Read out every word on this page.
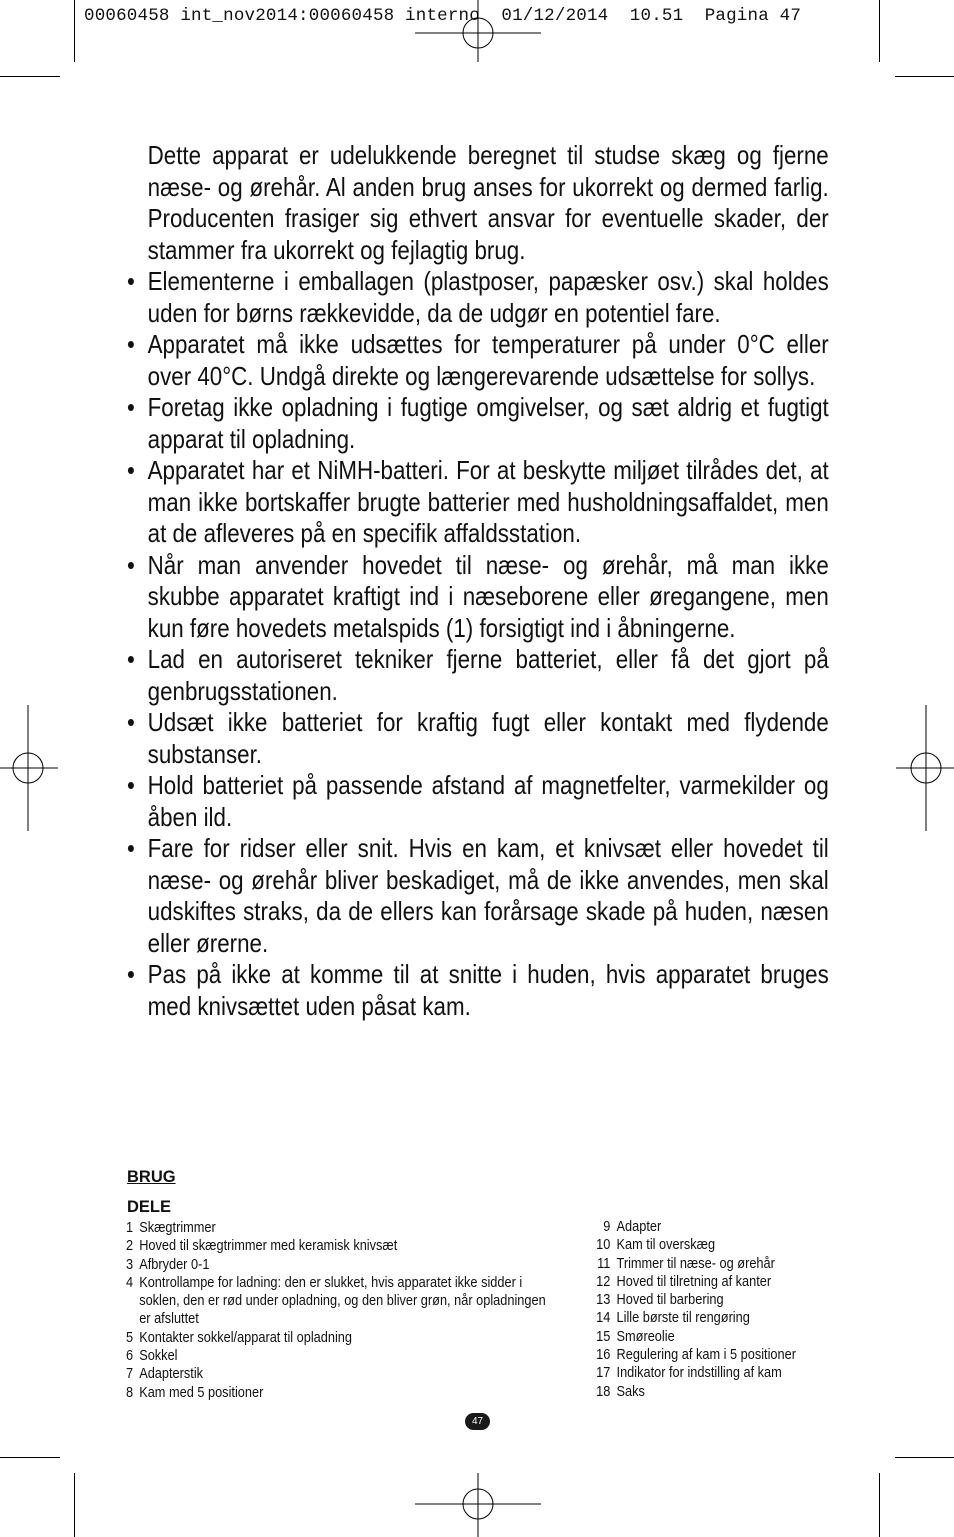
00060458 int_nov2014:00060458 interno  01/12/2014  10.51  Pagina 47
Dette apparat er udelukkende beregnet til studse skæg og fjerne næse- og ørehår. Al anden brug anses for ukorrekt og dermed farlig. Producenten frasiger sig ethvert ansvar for eventuelle skader, der stammer fra ukorrekt og fejlagtig brug.
• Elementerne i emballagen (plastposer, papæsker osv.) skal holdes uden for børns rækkevidde, da de udgør en potentiel fare.
• Apparatet må ikke udsættes for temperaturer på under 0°C eller over 40°C. Undgå direkte og længerevarende udsættelse for sollys.
• Foretag ikke opladning i fugtige omgivelser, og sæt aldrig et fugtigt apparat til opladning.
• Apparatet har et NiMH-batteri. For at beskytte miljøet tilrådes det, at man ikke bortskaffer brugte batterier med husholdningsaffaldet, men at de afleveres på en specifik affaldsstation.
• Når man anvender hovedet til næse- og ørehår, må man ikke skubbe apparatet kraftigt ind i næseborene eller øregangene, men kun føre hovedets metalspids (1) forsigtigt ind i åbningerne.
• Lad en autoriseret tekniker fjerne batteriet, eller få det gjort på genbrugsstationen.
• Udsæt ikke batteriet for kraftig fugt eller kontakt med flydende substanser.
• Hold batteriet på passende afstand af magnetfelter, varmekilder og åben ild.
• Fare for ridser eller snit. Hvis en kam, et knivsæt eller hovedet til næse- og ørehår bliver beskadiget, må de ikke anvendes, men skal udskiftes straks, da de ellers kan forårsage skade på huden, næsen eller ørerne.
• Pas på ikke at komme til at snitte i huden, hvis apparatet bruges med knivsættet uden påsat kam.
BRUG
DELE
1 Skægtrimmer
2 Hoved til skægtrimmer med keramisk knivsæt
3 Afbryder 0-1
4 Kontrollampe for ladning: den er slukket, hvis apparatet ikke sidder i soklen, den er rød under opladning, og den bliver grøn, når opladningen er afsluttet
5 Kontakter sokkel/apparat til opladning
6 Sokkel
7 Adapterstik
8 Kam med 5 positioner
9 Adapter
10 Kam til overskæg
11 Trimmer til næse- og ørehår
12 Hoved til tilretning af kanter
13 Hoved til barbering
14 Lille børste til rengøring
15 Smøreolie
16 Regulering af kam i 5 positioner
17 Indikator for indstilling af kam
18 Saks
47
